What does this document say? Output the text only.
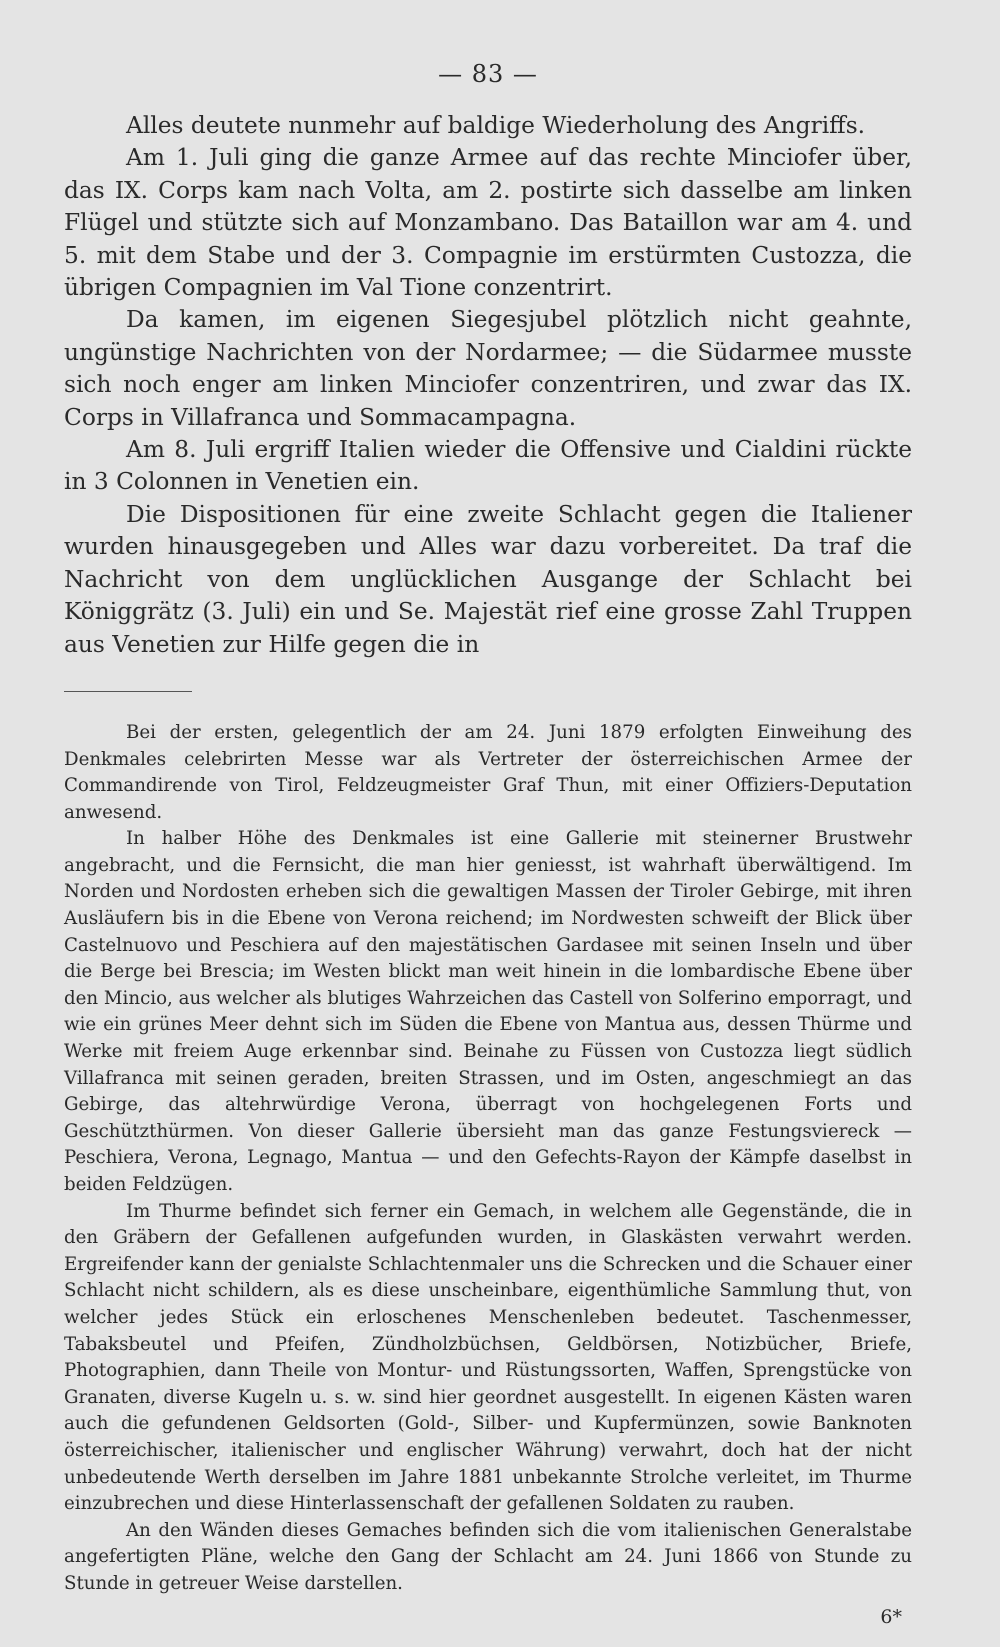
— 83 —

Alles deutete nunmehr auf baldige Wiederholung des Angriffs.

Am 1. Juli ging die ganze Armee auf das rechte Minciofer über, das IX. Corps kam nach Volta, am 2. postirte sich dasselbe am linken Flügel und stützte sich auf Monzambano. Das Bataillon war am 4. und 5. mit dem Stabe und der 3. Compagnie im erstürmten Custozza, die übrigen Compagnien im Val Tione conzentrirt.

Da kamen, im eigenen Siegesjubel plötzlich nicht geahnte, ungünstige Nachrichten von der Nordarmee; — die Südarmee musste sich noch enger am linken Minciofer conzentriren, und zwar das IX. Corps in Villafranca und Sommacampagna.

Am 8. Juli ergriff Italien wieder die Offensive und Cialdini rückte in 3 Colonnen in Venetien ein.

Die Dispositionen für eine zweite Schlacht gegen die Italiener wurden hinausgegeben und Alles war dazu vorbereitet. Da traf die Nachricht von dem unglücklichen Ausgange der Schlacht bei Königgrätz (3. Juli) ein und Se. Majestät rief eine grosse Zahl Truppen aus Venetien zur Hilfe gegen die in

Bei der ersten, gelegentlich der am 24. Juni 1879 erfolgten Einweihung des Denkmales celebrirten Messe war als Vertreter der österreichischen Armee der Commandirende von Tirol, Feldzeugmeister Graf Thun, mit einer Offiziers-Deputation anwesend.

In halber Höhe des Denkmales ist eine Gallerie mit steinerner Brustwehr angebracht, und die Fernsicht, die man hier geniesst, ist wahrhaft überwältigend. Im Norden und Nordosten erheben sich die gewaltigen Massen der Tiroler Gebirge, mit ihren Ausläufern bis in die Ebene von Verona reichend; im Nordwesten schweift der Blick über Castelnuovo und Peschiera auf den majestätischen Gardasee mit seinen Inseln und über die Berge bei Brescia; im Westen blickt man weit hinein in die lombardische Ebene über den Mincio, aus welcher als blutiges Wahrzeichen das Castell von Solferino emporragt, und wie ein grünes Meer dehnt sich im Süden die Ebene von Mantua aus, dessen Thürme und Werke mit freiem Auge erkennbar sind. Beinahe zu Füssen von Custozza liegt südlich Villafranca mit seinen geraden, breiten Strassen, und im Osten, angeschmiegt an das Gebirge, das altehrwürdige Verona, überragt von hochgelegenen Forts und Geschützthürmen. Von dieser Gallerie übersieht man das ganze Festungsviereck — Peschiera, Verona, Legnago, Mantua — und den Gefechts-Rayon der Kämpfe daselbst in beiden Feldzügen.

Im Thurme befindet sich ferner ein Gemach, in welchem alle Gegenstände, die in den Gräbern der Gefallenen aufgefunden wurden, in Glaskästen verwahrt werden. Ergreifender kann der genialste Schlachtenmaler uns die Schrecken und die Schauer einer Schlacht nicht schildern, als es diese unscheinbare, eigenthümliche Sammlung thut, von welcher jedes Stück ein erloschenes Menschenleben bedeutet. Taschenmesser, Tabaksbeutel und Pfeifen, Zündholzbüchsen, Geldbörsen, Notizbücher, Briefe, Photographien, dann Theile von Montur- und Rüstungssorten, Waffen, Sprengstücke von Granaten, diverse Kugeln u. s. w. sind hier geordnet ausgestellt. In eigenen Kästen waren auch die gefundenen Geldsorten (Gold-, Silber- und Kupfermünzen, sowie Banknoten österreichischer, italienischer und englischer Währung) verwahrt, doch hat der nicht unbedeutende Werth derselben im Jahre 1881 unbekannte Strolche verleitet, im Thurme einzubrechen und diese Hinterlassenschaft der gefallenen Soldaten zu rauben.

An den Wänden dieses Gemaches befinden sich die vom italienischen Generalstabe angefertigten Pläne, welche den Gang der Schlacht am 24. Juni 1866 von Stunde zu Stunde in getreuer Weise darstellen.

6*
